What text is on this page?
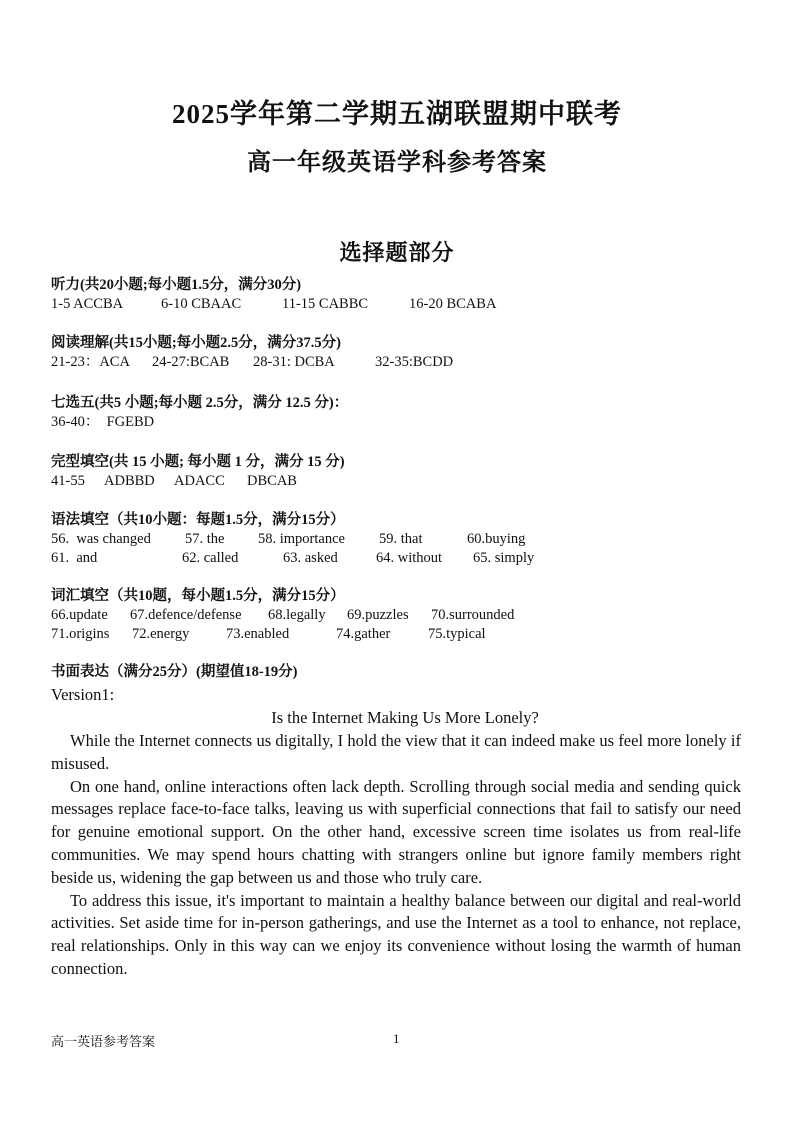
2025学年第二学期五湖联盟期中联考
高一年级英语学科参考答案
选择题部分
听力(共20小题;每小题1.5分，满分30分)
1-5 ACCBA	6-10 CBAAC	11-15 CABBC	16-20 BCABA
阅读理解(共15小题;每小题2.5分，满分37.5分)
21-23：ACA 24-27:BCAB 28-31: DCBA	32-35:BCDD
七选五(共5 小题;每小题 2.5分，满分 12.5 分)：
36-40：  FGEBD
完型填空(共 15 小题; 每小题 1 分，满分 15 分)
41-55 ADBBD ADACC DBCAB
语法填空（共10小题：每题1.5分，满分15分）
56.  was changed 57. the 58. importance 59. that	60.buying
61.  and	62. called	63. asked	64. without 65. simply
词汇填空（共10题，每小题1.5分，满分15分）
66.update 67.defence/defense 68.legally 69.puzzles 70.surrounded
71.origins 72.energy	73.enabled	74.gather	75.typical
书面表达（满分25分）(期望值18-19分)
Version1:
Is the Internet Making Us More Lonely?

While the Internet connects us digitally, I hold the view that it can indeed make us feel more lonely if misused.

On one hand, online interactions often lack depth. Scrolling through social media and sending quick messages replace face-to-face talks, leaving us with superficial connections that fail to satisfy our need for genuine emotional support. On the other hand, excessive screen time isolates us from real-life communities. We may spend hours chatting with strangers online but ignore family members right beside us, widening the gap between us and those who truly care.

To address this issue, it's important to maintain a healthy balance between our digital and real-world activities. Set aside time for in-person gatherings, and use the Internet as a tool to enhance, not replace, real relationships. Only in this way can we enjoy its convenience without losing the warmth of human connection.

高一英语参考答案	1
